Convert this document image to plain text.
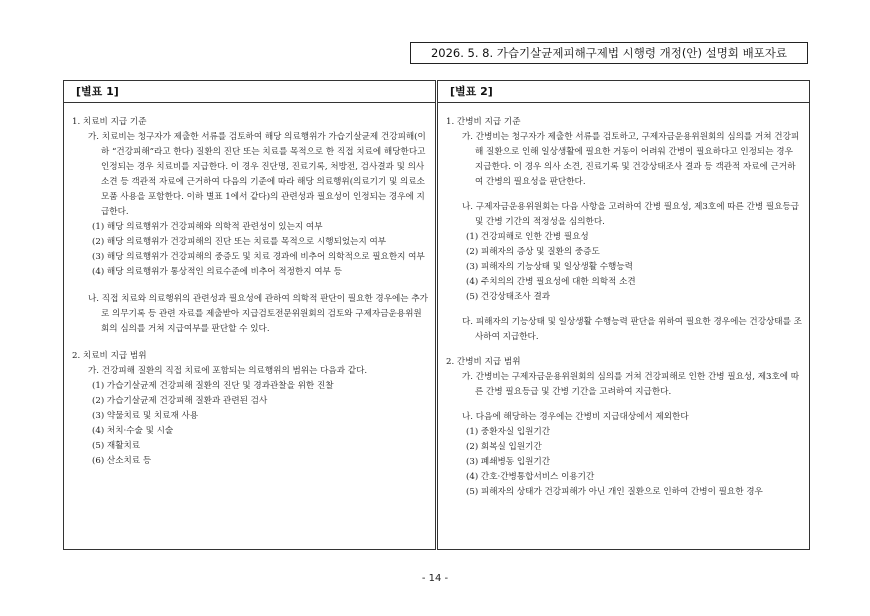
2026. 5. 8. 가습기살균제피해구제법 시행령 개정(안) 설명회 배포자료
[별표 1]
1. 치료비 지급 기준
가. 치료비는 청구자가 제출한 서류를 검토하여 해당 의료행위가 가습기살균제 건강피해(이하 “건강피해”라고 한다) 질환의 진단 또는 치료를 목적으로 한 직접 치료에 해당한다고 인정되는 경우 치료비를 지급한다. 이 경우 진단명, 진료기록, 처방전, 검사결과 및 의사 소견 등 객관적 자료에 근거하여 다음의 기준에 따라 해당 의료행위(의료기기 및 의료소모품 사용을 포함한다. 이하 별표 1에서 같다)의 관련성과 필요성이 인정되는 경우에 지급한다.
(1) 해당 의료행위가 건강피해와 의학적 관련성이 있는지 여부
(2) 해당 의료행위가 건강피해의 진단 또는 치료를 목적으로 시행되었는지 여부
(3) 해당 의료행위가 건강피해의 중증도 및 치료 경과에 비추어 의학적으로 필요한지 여부
(4) 해당 의료행위가 통상적인 의료수준에 비추어 적정한지 여부 등
나. 직접 치료와 의료행위의 관련성과 필요성에 관하여 의학적 판단이 필요한 경우에는 추가로 의무기록 등 관련 자료를 제출받아 지급검토전문위원회의 검토와 구제자금운용위원회의 심의를 거쳐 지급여부를 판단할 수 있다.
2. 치료비 지급 범위
가. 건강피해 질환의 직접 치료에 포함되는 의료행위의 범위는 다음과 같다.
(1) 가습기살균제 건강피해 질환의 진단 및 경과관찰을 위한 진찰
(2) 가습기살균제 건강피해 질환과 관련된 검사
(3) 약물치료 및 치료재 사용
(4) 처치·수술 및 시술
(5) 재활치료
(6) 산소치료 등
[별표 2]
1. 간병비 지급 기준
가. 간병비는 청구자가 제출한 서류를 검토하고, 구제자금운용위원회의 심의를 거쳐 건강피해 질환으로 인해 일상생활에 필요한 거동이 어려워 간병이 필요하다고 인정되는 경우 지급한다. 이 경우 의사 소견, 진료기록 및 건강상태조사 결과 등 객관적 자료에 근거하여 간병의 필요성을 판단한다.
나. 구제자금운용위원회는 다음 사항을 고려하여 간병 필요성, 제3호에 따른 간병 필요등급 및 간병 기간의 적정성을 심의한다.
(1) 건강피해로 인한 간병 필요성
(2) 피해자의 증상 및 질환의 중증도
(3) 피해자의 기능상태 및 일상생활 수행능력
(4) 주치의의 간병 필요성에 대한 의학적 소견
(5) 건강상태조사 결과
다. 피해자의 기능상태 및 일상생활 수행능력 판단을 위하여 필요한 경우에는 건강상태를 조사하여 지급한다.
2. 간병비 지급 범위
가. 간병비는 구제자금운용위원회의 심의를 거쳐 건강피해로 인한 간병 필요성, 제3호에 따른 간병 필요등급 및 간병 기간을 고려하여 지급한다.
나. 다음에 해당하는 경우에는 간병비 지급대상에서 제외한다
(1) 중환자실 입원기간
(2) 회복실 입원기간
(3) 폐쇄병동 입원기간
(4) 간호·간병통합서비스 이용기간
(5) 피해자의 상태가 건강피해가 아닌 개인 질환으로 인하여 간병이 필요한 경우
- 14 -
